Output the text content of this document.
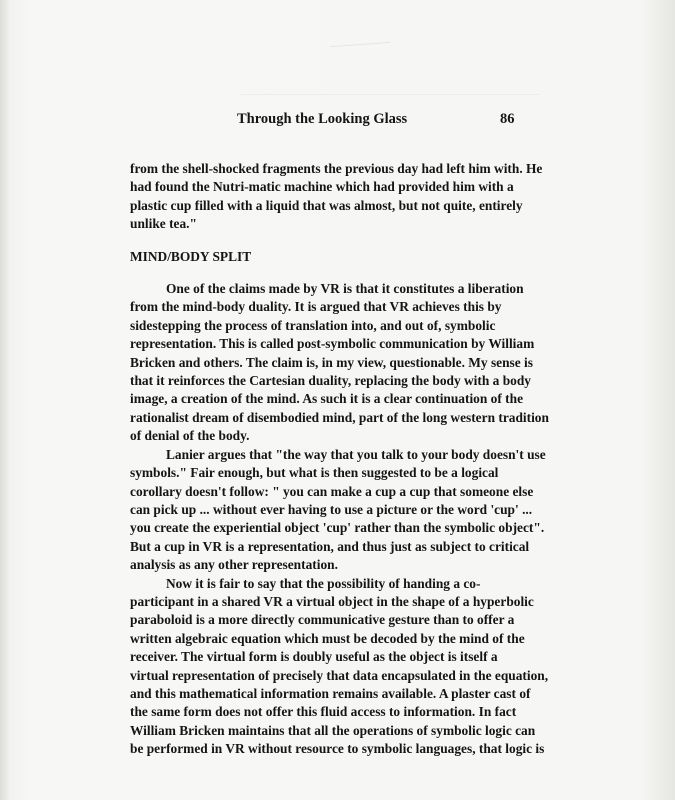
Through the Looking Glass	86
from the shell-shocked fragments the previous day had left him with. He
had found the Nutri-matic machine which had provided him with a
plastic cup filled with a liquid that was almost, but not quite, entirely
unlike tea."
MIND/BODY SPLIT
One of the claims made by VR is that it constitutes a liberation
from the mind-body duality. It is argued that VR achieves this by
sidestepping the process of translation into, and out of, symbolic
representation. This is called post-symbolic communication by William
Bricken and others. The claim is, in my view, questionable. My sense is
that it reinforces the Cartesian duality, replacing the body with a body
image, a creation of the mind. As such it is a clear continuation of the
rationalist dream of disembodied mind, part of the long western tradition
of denial of the body.
Lanier argues that "the way that you talk to your body doesn't use
symbols." Fair enough, but what is then suggested to be a logical
corollary doesn't follow: " you can make a cup a cup that someone else
can pick up ... without ever having to use a picture or the word 'cup' ...
you create the experiential object 'cup' rather than the symbolic object".
But a cup in VR is a representation, and thus just as subject to critical
analysis as any other representation.
Now it is fair to say that the possibility of handing a co-
participant in a shared VR a virtual object in the shape of a hyperbolic
paraboloid is a more directly communicative gesture than to offer a
written algebraic equation which must be decoded by the mind of the
receiver. The virtual form is doubly useful as the object is itself a
virtual representation of precisely that data encapsulated in the equation,
and this mathematical information remains available. A plaster cast of
the same form does not offer this fluid access to information. In fact
William Bricken maintains that all the operations of symbolic logic can
be performed in VR without resource to symbolic languages, that logic is
